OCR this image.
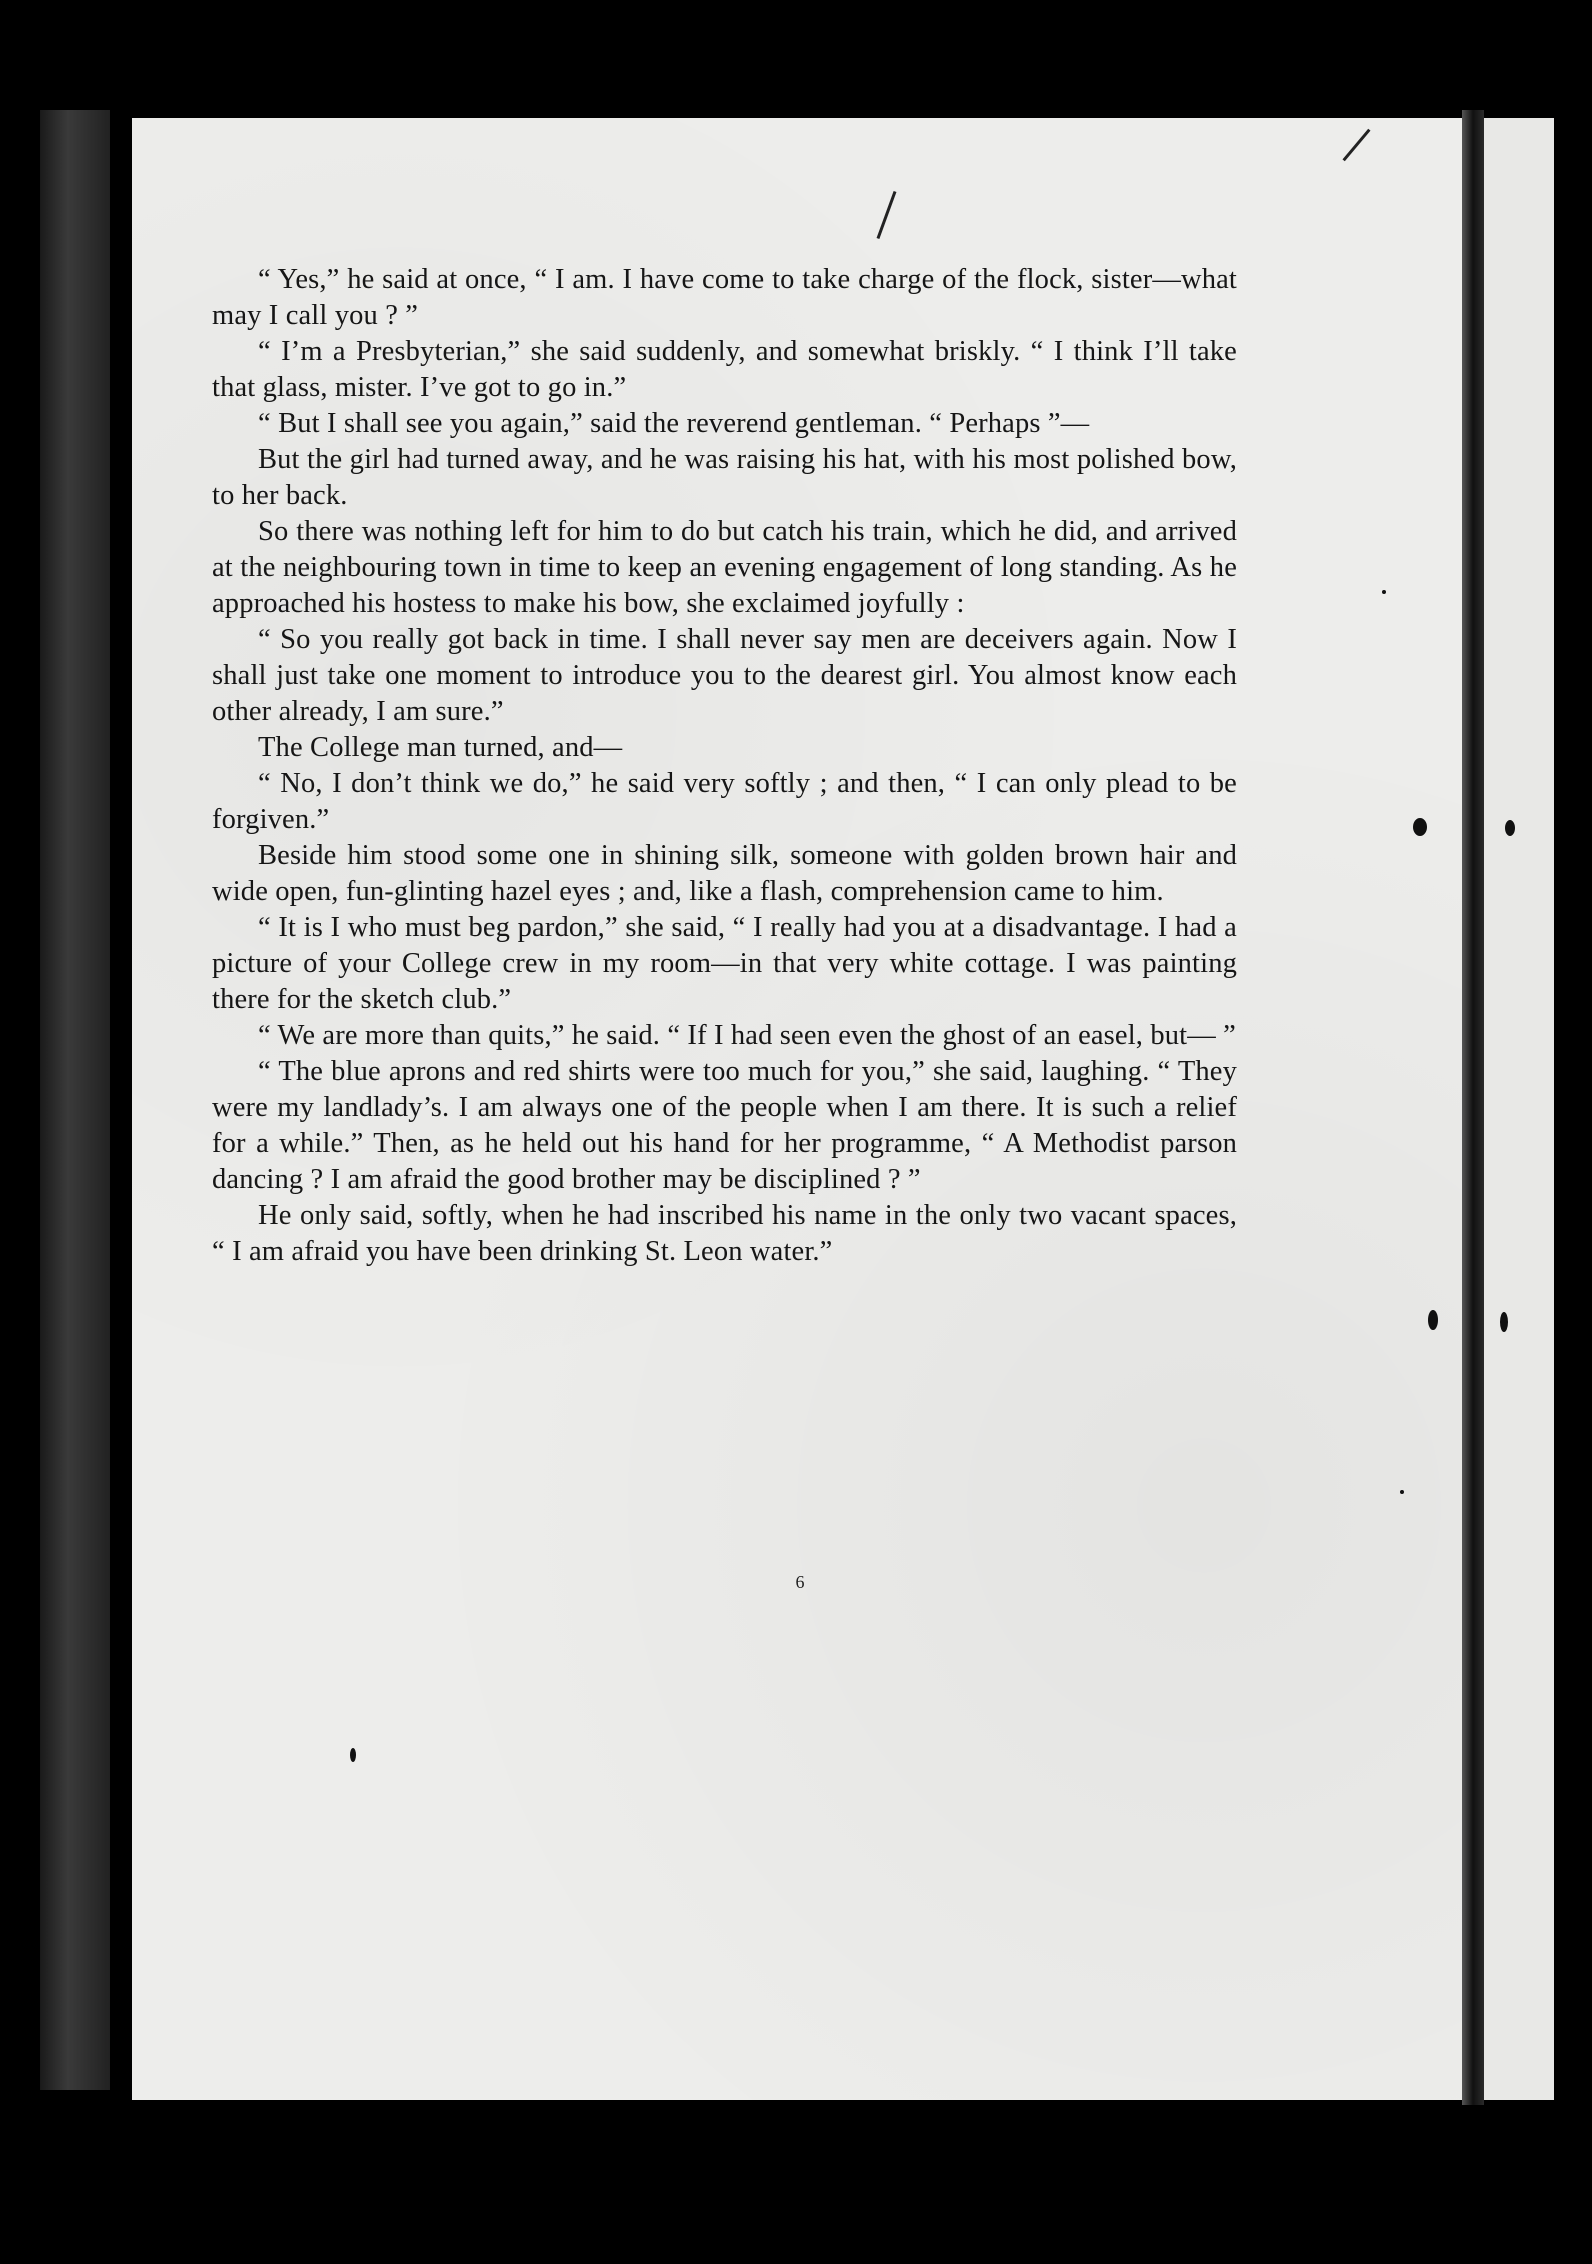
“ Yes,” he said at once, “ I am. I have come to take charge of the flock, sister—what may I call you ? ”

“ I’m a Presbyterian,” she said suddenly, and somewhat briskly. “ I think I’ll take that glass, mister. I’ve got to go in.”

“ But I shall see you again,” said the reverend gentleman. “ Perhaps ”—

But the girl had turned away, and he was raising his hat, with his most polished bow, to her back.

So there was nothing left for him to do but catch his train, which he did, and arrived at the neighbouring town in time to keep an evening engagement of long standing. As he approached his hostess to make his bow, she exclaimed joyfully :

“ So you really got back in time. I shall never say men are deceivers again. Now I shall just take one moment to introduce you to the dearest girl. You almost know each other already, I am sure.”

The College man turned, and—

“ No, I don’t think we do,” he said very softly ; and then, “ I can only plead to be forgiven.”

Beside him stood some one in shining silk, someone with golden brown hair and wide open, fun-glinting hazel eyes ; and, like a flash, comprehension came to him.

“ It is I who must beg pardon,” she said, “ I really had you at a disadvantage. I had a picture of your College crew in my room—in that very white cottage. I was painting there for the sketch club.”

“ We are more than quits,” he said. “ If I had seen even the ghost of an easel, but— ”

“ The blue aprons and red shirts were too much for you,” she said, laughing. “ They were my landlady’s. I am always one of the people when I am there. It is such a relief for a while.” Then, as he held out his hand for her programme, “ A Methodist parson dancing ? I am afraid the good brother may be disciplined ? ”

He only said, softly, when he had inscribed his name in the only two vacant spaces, “ I am afraid you have been drinking St. Leon water.”

6
